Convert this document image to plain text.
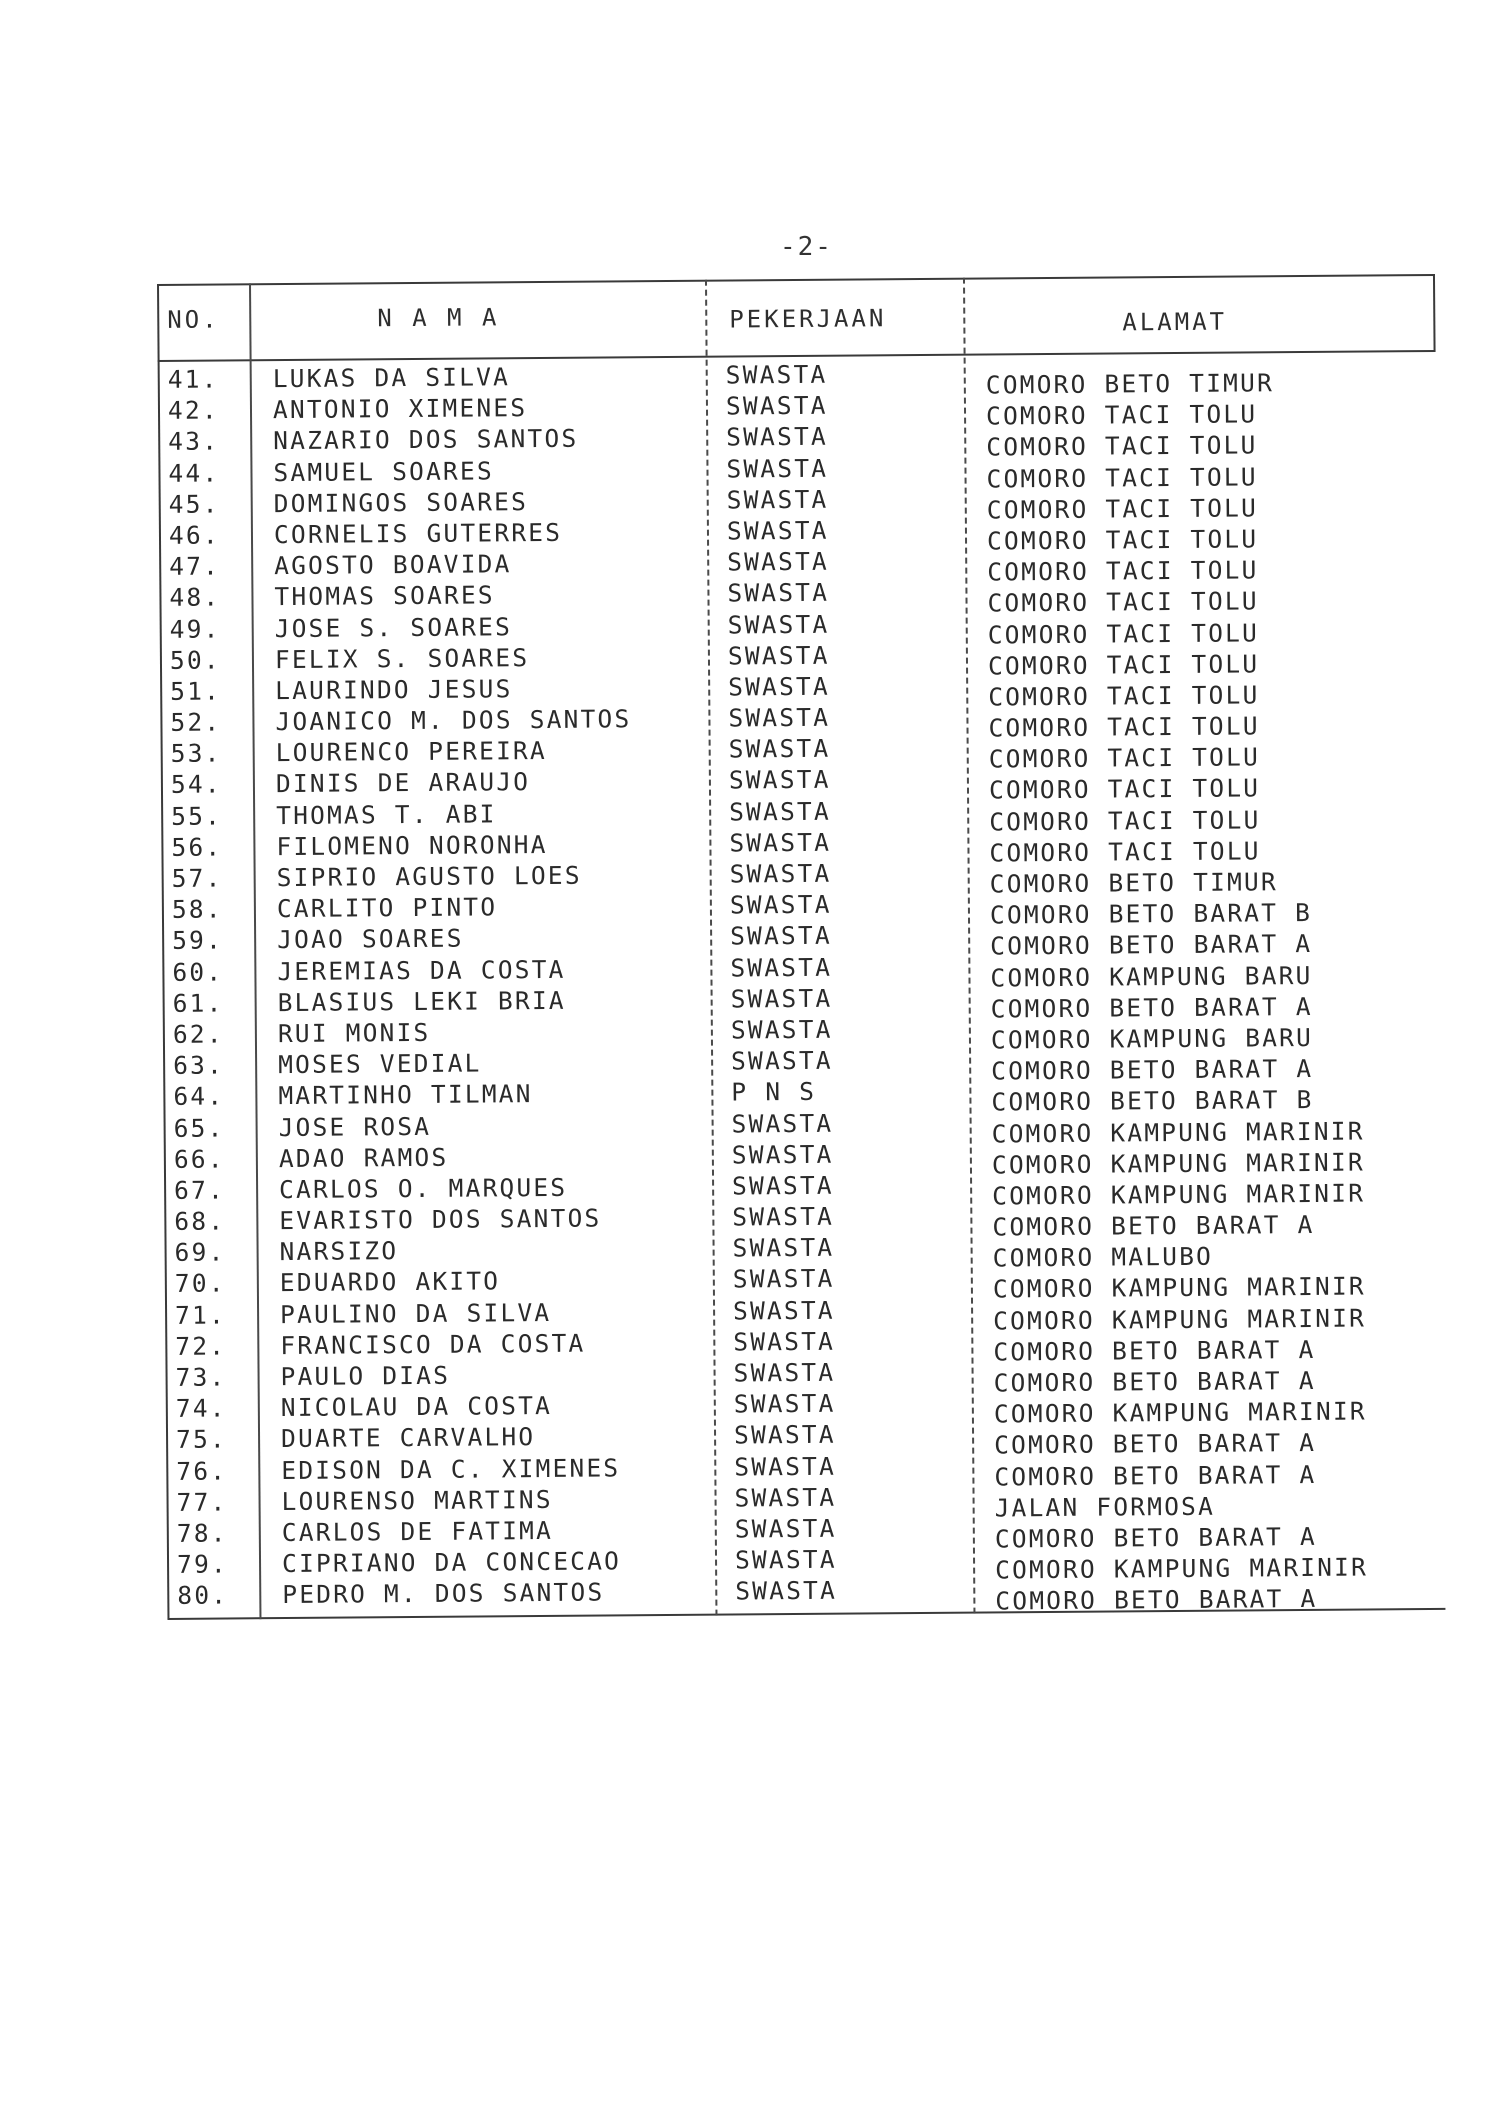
-2-
NO.	N A M A	PEKERJAAN	ALAMAT
41. LUKAS DA SILVA	SWASTA	COMORO BETO TIMUR
42. ANTONIO XIMENES	SWASTA	COMORO TACI TOLU
43. NAZARIO DOS SANTOS	SWASTA	COMORO TACI TOLU
44. SAMUEL SOARES	SWASTA	COMORO TACI TOLU
45. DOMINGOS SOARES	SWASTA	COMORO TACI TOLU
46. CORNELIS GUTERRES	SWASTA	COMORO TACI TOLU
47. AGOSTO BOAVIDA	SWASTA	COMORO TACI TOLU
48. THOMAS SOARES	SWASTA	COMORO TACI TOLU
49. JOSE S. SOARES	SWASTA	COMORO TACI TOLU
50. FELIX S. SOARES	SWASTA	COMORO TACI TOLU
51. LAURINDO JESUS	SWASTA	COMORO TACI TOLU
52. JOANICO M. DOS SANTOS	SWASTA	COMORO TACI TOLU
53. LOURENCO PEREIRA	SWASTA	COMORO TACI TOLU
54. DINIS DE ARAUJO	SWASTA	COMORO TACI TOLU
55. THOMAS T. ABI	SWASTA	COMORO TACI TOLU
56. FILOMENO NORONHA	SWASTA	COMORO TACI TOLU
57. SIPRIO AGUSTO LOES	SWASTA	COMORO BETO TIMUR
58. CARLITO PINTO	SWASTA	COMORO BETO BARAT B
59. JOAO SOARES	SWASTA	COMORO BETO BARAT A
60. JEREMIAS DA COSTA	SWASTA	COMORO KAMPUNG BARU
61. BLASIUS LEKI BRIA	SWASTA	COMORO BETO BARAT A
62. RUI MONIS	SWASTA	COMORO KAMPUNG BARU
63. MOSES VEDIAL	SWASTA	COMORO BETO BARAT A
64. MARTINHO TILMAN	P N S	COMORO BETO BARAT B
65. JOSE ROSA	SWASTA	COMORO KAMPUNG MARINIR
66. ADAO RAMOS	SWASTA	COMORO KAMPUNG MARINIR
67. CARLOS O. MARQUES	SWASTA	COMORO KAMPUNG MARINIR
68. EVARISTO DOS SANTOS	SWASTA	COMORO BETO BARAT A
69. NARSIZO	SWASTA	COMORO MALUBO
70. EDUARDO AKITO	SWASTA	COMORO KAMPUNG MARINIR
71. PAULINO DA SILVA	SWASTA	COMORO KAMPUNG MARINIR
72. FRANCISCO DA COSTA	SWASTA	COMORO BETO BARAT A
73. PAULO DIAS	SWASTA	COMORO BETO BARAT A
74. NICOLAU DA COSTA	SWASTA	COMORO KAMPUNG MARINIR
75. DUARTE CARVALHO	SWASTA	COMORO BETO BARAT A
76. EDISON DA C. XIMENES	SWASTA	COMORO BETO BARAT A
77. LOURENSO MARTINS	SWASTA	JALAN FORMOSA
78. CARLOS DE FATIMA	SWASTA	COMORO BETO BARAT A
79. CIPRIANO DA CONCECAO	SWASTA	COMORO KAMPUNG MARINIR
80. PEDRO M. DOS SANTOS	SWASTA	COMORO BETO BARAT A
